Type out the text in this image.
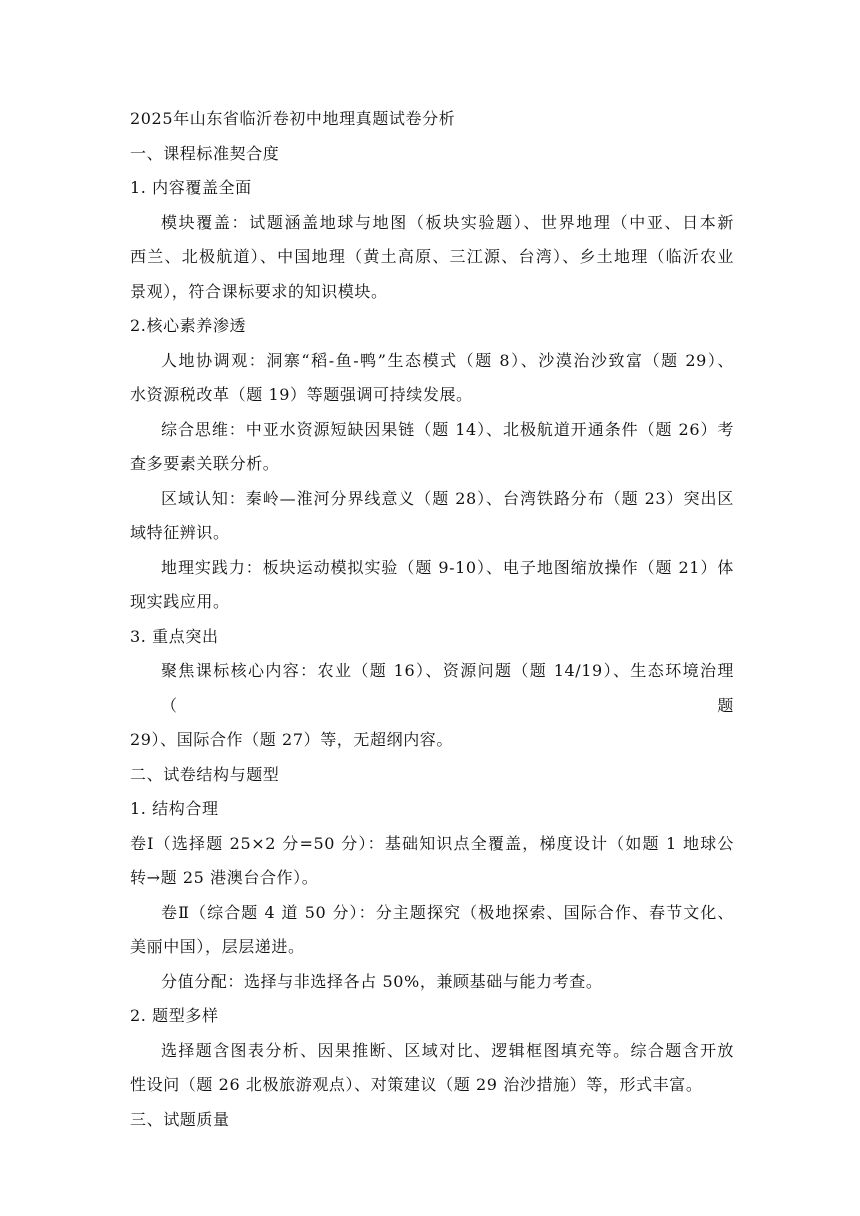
2025年山东省临沂卷初中地理真题试卷分析
一、课程标准契合度
1. 内容覆盖全面
模块覆盖：试题涵盖地球与地图（板块实验题）、世界地理（中亚、日本新
西兰、北极航道）、中国地理（黄土高原、三江源、台湾）、乡土地理（临沂农业
景观），符合课标要求的知识模块。
2.核心素养渗透
人地协调观：洞寨“稻-鱼-鸭”生态模式（题 8）、沙漠治沙致富（题 29）、
水资源税改革（题 19）等题强调可持续发展。
综合思维：中亚水资源短缺因果链（题 14）、北极航道开通条件（题 26）考
查多要素关联分析。
区域认知：秦岭—淮河分界线意义（题 28）、台湾铁路分布（题 23）突出区
域特征辨识。
地理实践力：板块运动模拟实验（题 9-10）、电子地图缩放操作（题 21）体
现实践应用。
3. 重点突出
聚焦课标核心内容：农业（题 16）、资源问题（题 14/19）、生态环境治理（题
29）、国际合作（题 27）等，无超纲内容。
二、试卷结构与题型
1. 结构合理
卷Ⅰ（选择题 25×2 分=50 分）：基础知识点全覆盖，梯度设计（如题 1 地球公
转→题 25 港澳台合作）。
卷Ⅱ（综合题 4 道 50 分）：分主题探究（极地探索、国际合作、春节文化、
美丽中国），层层递进。
分值分配：选择与非选择各占 50%，兼顾基础与能力考查。
2. 题型多样
选择题含图表分析、因果推断、区域对比、逻辑框图填充等。综合题含开放
性设问（题 26 北极旅游观点）、对策建议（题 29 治沙措施）等，形式丰富。
三、试题质量
